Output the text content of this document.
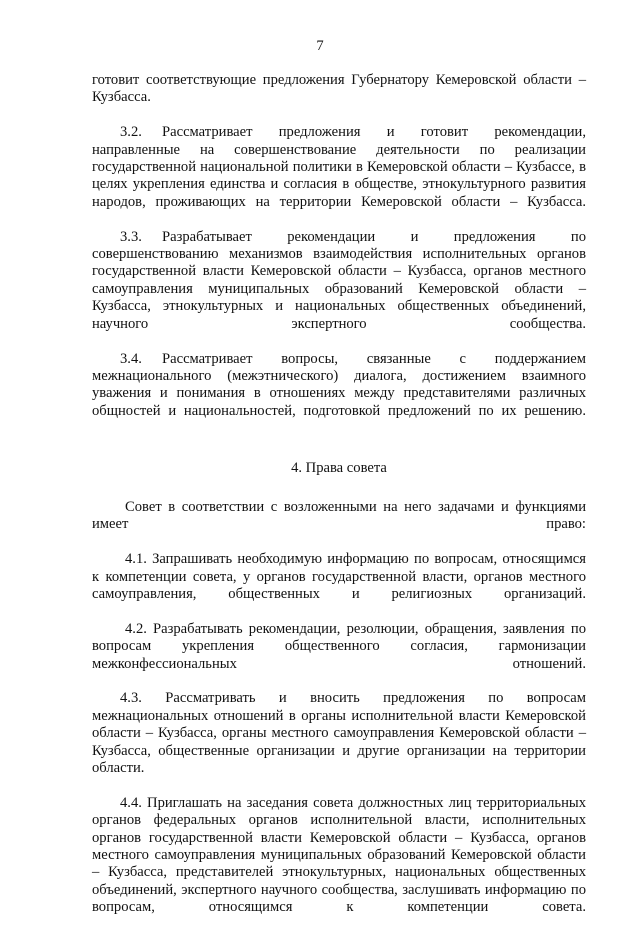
7

готовит соответствующие предложения Губернатору Кемеровской области – Кузбасса.

3.2. Рассматривает предложения и готовит рекомендации, направленные на совершенствование деятельности по реализации государственной национальной политики в Кемеровской области – Кузбассе, в целях укрепления единства и согласия в обществе, этнокультурного развития народов, проживающих на территории Кемеровской области – Кузбасса.

3.3. Разрабатывает рекомендации и предложения по совершенствованию механизмов взаимодействия исполнительных органов государственной власти Кемеровской области – Кузбасса, органов местного самоуправления муниципальных образований Кемеровской области – Кузбасса, этнокультурных и национальных общественных объединений, научного экспертного сообщества.

3.4. Рассматривает вопросы, связанные с поддержанием межнационального (межэтнического) диалога, достижением взаимного уважения и понимания в отношениях между представителями различных общностей и национальностей, подготовкой предложений по их решению.

4. Права совета

Совет в соответствии с возложенными на него задачами и функциями имеет право:

4.1. Запрашивать необходимую информацию по вопросам, относящимся к компетенции совета, у органов государственной власти, органов местного самоуправления, общественных и религиозных организаций.

4.2. Разрабатывать рекомендации, резолюции, обращения, заявления по вопросам укрепления общественного согласия, гармонизации межконфессиональных отношений.

4.3. Рассматривать и вносить предложения по вопросам межнациональных отношений в органы исполнительной власти Кемеровской области – Кузбасса, органы местного самоуправления Кемеровской области – Кузбасса, общественные организации и другие организации на территории области.

4.4. Приглашать на заседания совета должностных лиц территориальных органов федеральных органов исполнительной власти, исполнительных органов государственной власти Кемеровской области – Кузбасса, органов местного самоуправления муниципальных образований Кемеровской области – Кузбасса, представителей этнокультурных, национальных общественных объединений, экспертного научного сообщества, заслушивать информацию по вопросам, относящимся к компетенции совета.
